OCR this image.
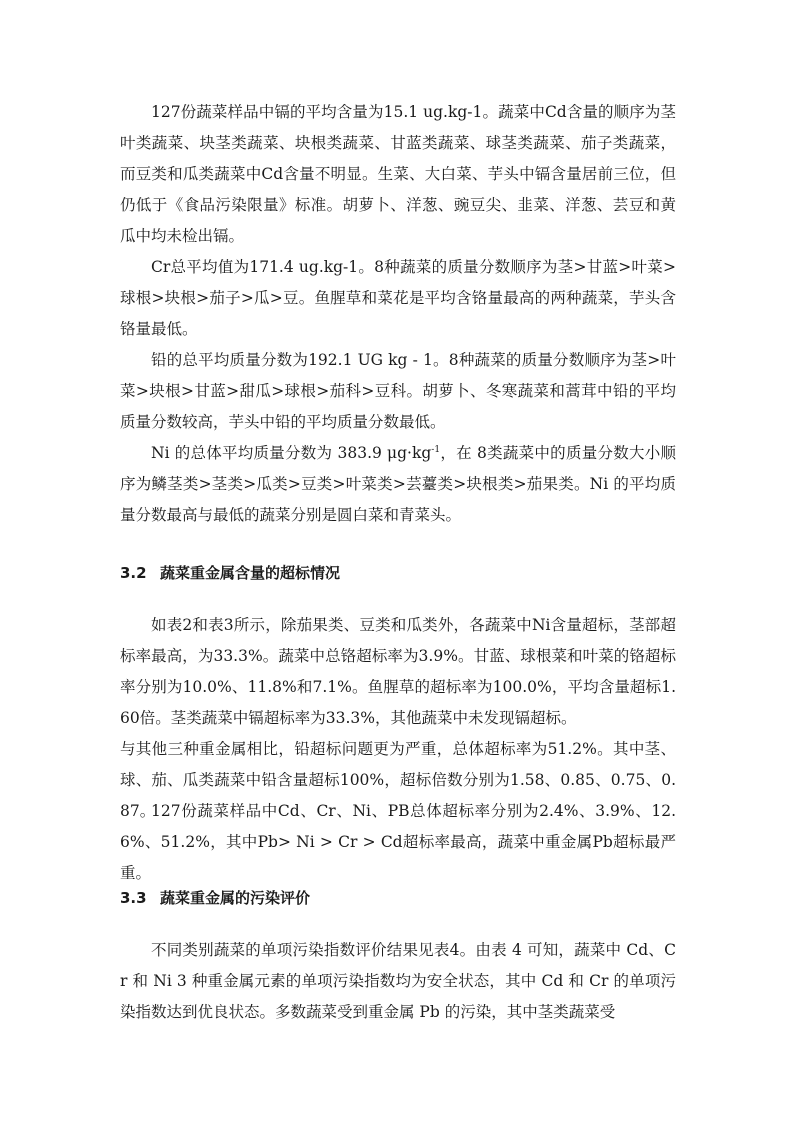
127份蔬菜样品中镉的平均含量为15.1 ug.kg-1。蔬菜中Cd含量的顺序为茎叶类蔬菜、块茎类蔬菜、块根类蔬菜、甘蓝类蔬菜、球茎类蔬菜、茄子类蔬菜，而豆类和瓜类蔬菜中Cd含量不明显。生菜、大白菜、芋头中镉含量居前三位，但仍低于《食品污染限量》标准。胡萝卜、洋葱、豌豆尖、韭菜、洋葱、芸豆和黄瓜中均未检出镉。

Cr总平均值为171.4 ug.kg-1。8种蔬菜的质量分数顺序为茎>甘蓝>叶菜>球根>块根>茄子>瓜>豆。鱼腥草和菜花是平均含铬量最高的两种蔬菜，芋头含铬量最低。

铅的总平均质量分数为192.1 UG kg - 1。8种蔬菜的质量分数顺序为茎>叶菜>块根>甘蓝>甜瓜>球根>茄科>豆科。胡萝卜、冬寒蔬菜和蒿茸中铅的平均质量分数较高，芋头中铅的平均质量分数最低。

Ni 的总体平均质量分数为 383.9 $\mu g\cdot kg^{-1}$，在 8类蔬菜中的质量分数大小顺序为鳞茎类>茎类>瓜类>豆类>叶菜类>芸薹类>块根类>茄果类。Ni 的平均质量分数最高与最低的蔬菜分别是圆白菜和青菜头。

3.2 蔬菜重金属含量的超标情况

如表2和表3所示，除茄果类、豆类和瓜类外，各蔬菜中Ni含量超标，茎部超标率最高，为33.3%。蔬菜中总铬超标率为3.9%。甘蓝、球根菜和叶菜的铬超标率分别为10.0%、11.8%和7.1%。鱼腥草的超标率为100.0%，平均含量超标1.60倍。茎类蔬菜中镉超标率为33.3%，其他蔬菜中未发现镉超标。

与其他三种重金属相比，铅超标问题更为严重，总体超标率为51.2%。其中茎、球、茄、瓜类蔬菜中铅含量超标100%，超标倍数分别为1.58、0.85、0.75、0.87。

127份蔬菜样品中Cd、Cr、Ni、PB总体超标率分别为2.4%、3.9%、12.6%、51.2%，其中Pb> Ni > Cr > Cd超标率最高，蔬菜中重金属Pb超标最严重。

3.3 蔬菜重金属的污染评价

不同类别蔬菜的单项污染指数评价结果见表4。由表 4 可知，蔬菜中 Cd、Cr 和 Ni 3 种重金属元素的单项污染指数均为安全状态，其中 Cd 和 Cr 的单项污染指数达到优良状态。多数蔬菜受到重金属 Pb 的污染，其中茎类蔬菜受
